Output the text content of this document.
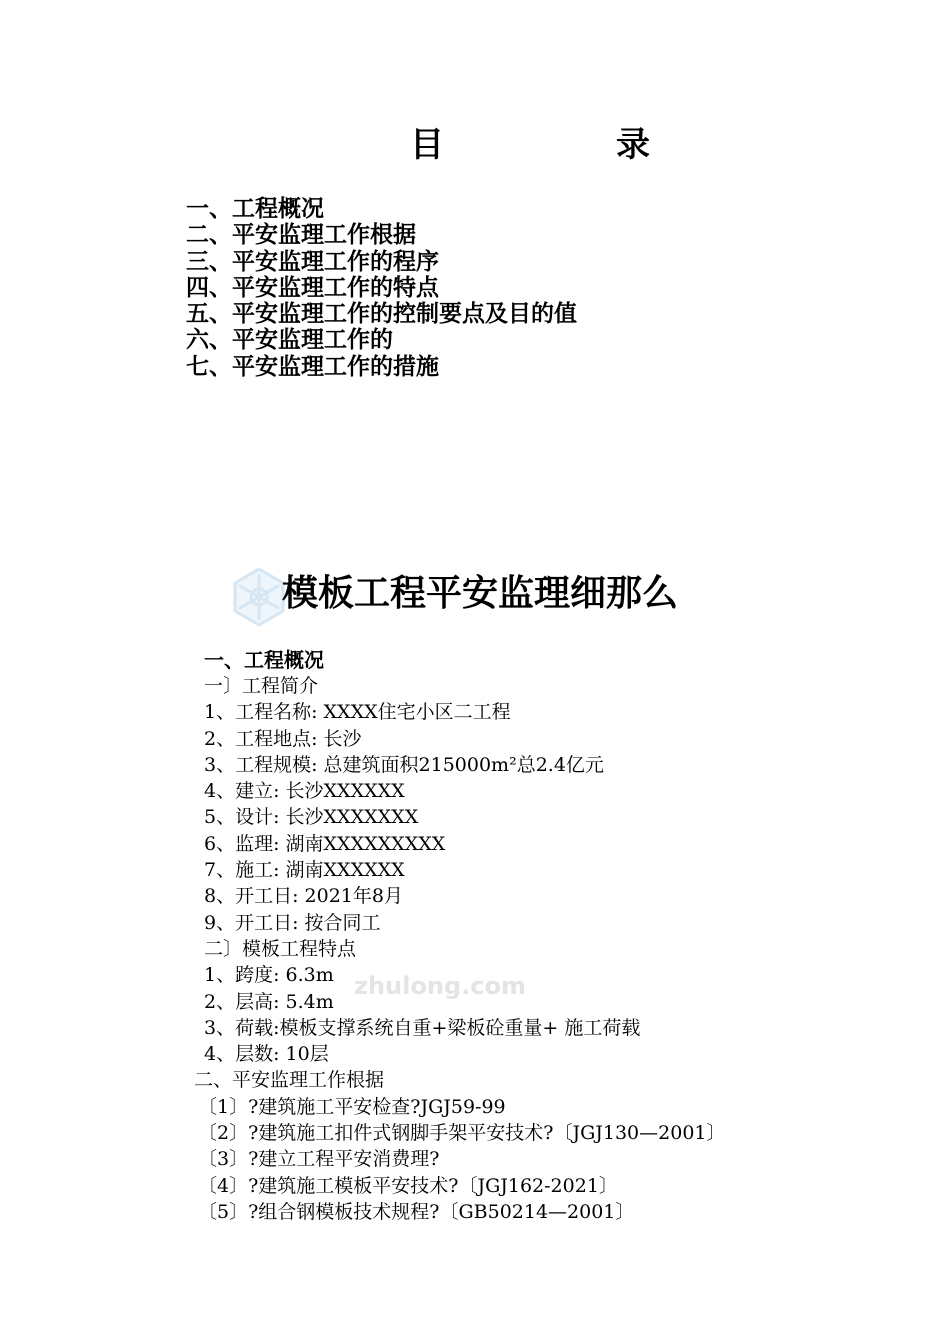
目	录
一、工程概况
二、平安监理工作根据
三、平安监理工作的程序
四、平安监理工作的特点
五、平安监理工作的控制要点及目的值
六、平安监理工作的
七、平安监理工作的措施
模板工程平安监理细那么
一、工程概况
一〕工程简介
1、工程名称: XXXX住宅小区二工程
2、工程地点: 长沙
3、工程规模: 总建筑面积215000m²总2.4亿元
4、建立: 长沙XXXXXX
5、设计: 长沙XXXXXXX
6、监理: 湖南XXXXXXXXX
7、施工: 湖南XXXXXX
8、开工日: 2021年8月
9、开工日: 按合同工
二〕模板工程特点
1、跨度: 6.3m
2、层高: 5.4m
3、荷载:模板支撑系统自重+梁板砼重量+ 施工荷载
4、层数: 10层
二、平安监理工作根据
〔1〕?建筑施工平安检查?JGJ59-99
〔2〕?建筑施工扣件式钢脚手架平安技术?〔JGJ130—2001〕
〔3〕?建立工程平安消费理?
〔4〕?建筑施工模板平安技术?〔JGJ162-2021〕
〔5〕?组合钢模板技术规程?〔GB50214—2001〕
zhulong.com
